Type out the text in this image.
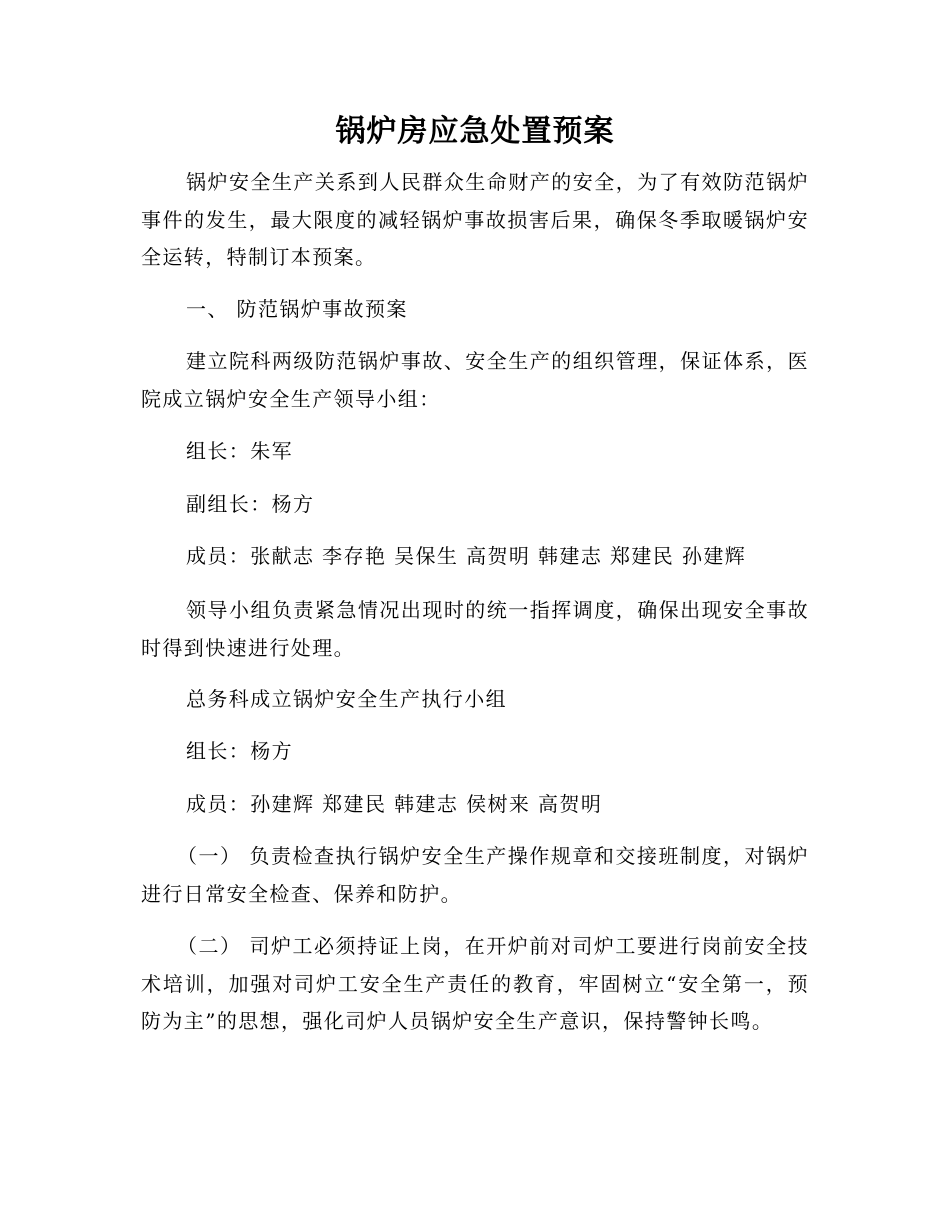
锅炉房应急处置预案
锅炉安全生产关系到人民群众生命财产的安全，为了有效防范锅炉事件的发生，最大限度的减轻锅炉事故损害后果，确保冬季取暖锅炉安全运转，特制订本预案。
一、 防范锅炉事故预案
建立院科两级防范锅炉事故、安全生产的组织管理，保证体系，医院成立锅炉安全生产领导小组：
组长：朱军
副组长：杨方
成员：张献志 李存艳 吴保生 高贺明 韩建志 郑建民 孙建辉
领导小组负责紧急情况出现时的统一指挥调度，确保出现安全事故时得到快速进行处理。
总务科成立锅炉安全生产执行小组
组长：杨方
成员：孙建辉 郑建民 韩建志 侯树来 高贺明
（一） 负责检查执行锅炉安全生产操作规章和交接班制度，对锅炉进行日常安全检查、保养和防护。
（二） 司炉工必须持证上岗，在开炉前对司炉工要进行岗前安全技术培训，加强对司炉工安全生产责任的教育，牢固树立“安全第一，预防为主”的思想，强化司炉人员锅炉安全生产意识，保持警钟长鸣。
